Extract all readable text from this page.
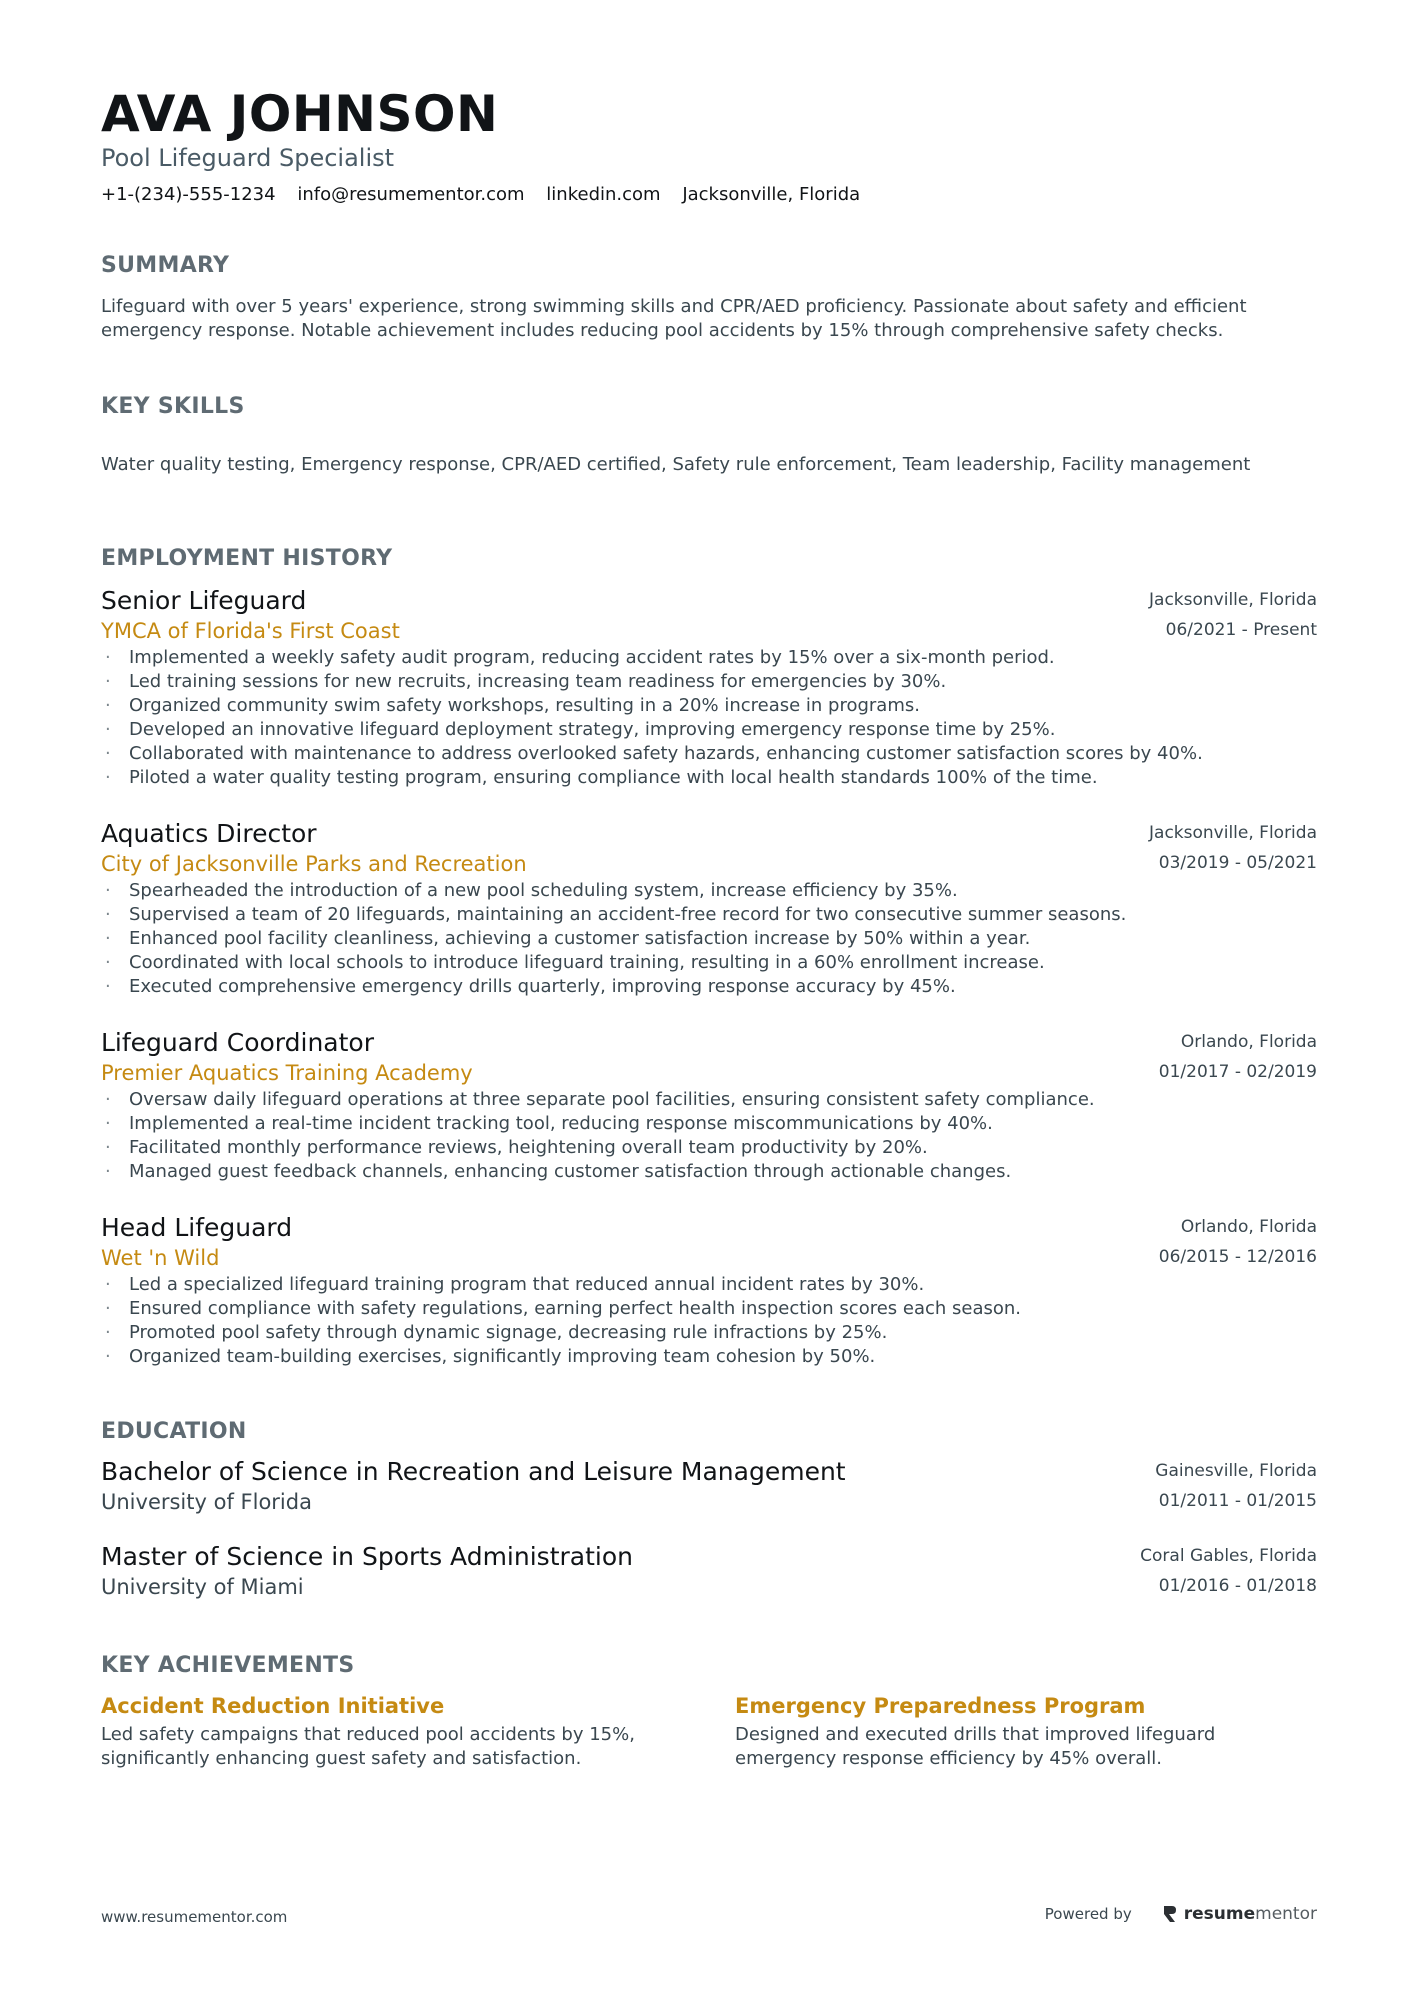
AVA JOHNSON
Pool Lifeguard Specialist
+1-(234)-555-1234 info@resumementor.com linkedin.com Jacksonville, Florida
SUMMARY
Lifeguard with over 5 years' experience, strong swimming skills and CPR/AED proficiency. Passionate about safety and efficient emergency response. Notable achievement includes reducing pool accidents by 15% through comprehensive safety checks.
KEY SKILLS
Water quality testing, Emergency response, CPR/AED certified, Safety rule enforcement, Team leadership, Facility management
EMPLOYMENT HISTORY
Senior Lifeguard
YMCA of Florida's First Coast
Jacksonville, Florida
06/2021 - Present
· Implemented a weekly safety audit program, reducing accident rates by 15% over a six-month period.
· Led training sessions for new recruits, increasing team readiness for emergencies by 30%.
· Organized community swim safety workshops, resulting in a 20% increase in programs.
· Developed an innovative lifeguard deployment strategy, improving emergency response time by 25%.
· Collaborated with maintenance to address overlooked safety hazards, enhancing customer satisfaction scores by 40%.
· Piloted a water quality testing program, ensuring compliance with local health standards 100% of the time.
Aquatics Director
City of Jacksonville Parks and Recreation
Jacksonville, Florida
03/2019 - 05/2021
· Spearheaded the introduction of a new pool scheduling system, increase efficiency by 35%.
· Supervised a team of 20 lifeguards, maintaining an accident-free record for two consecutive summer seasons.
· Enhanced pool facility cleanliness, achieving a customer satisfaction increase by 50% within a year.
· Coordinated with local schools to introduce lifeguard training, resulting in a 60% enrollment increase.
· Executed comprehensive emergency drills quarterly, improving response accuracy by 45%.
Lifeguard Coordinator
Premier Aquatics Training Academy
Orlando, Florida
01/2017 - 02/2019
· Oversaw daily lifeguard operations at three separate pool facilities, ensuring consistent safety compliance.
· Implemented a real-time incident tracking tool, reducing response miscommunications by 40%.
· Facilitated monthly performance reviews, heightening overall team productivity by 20%.
· Managed guest feedback channels, enhancing customer satisfaction through actionable changes.
Head Lifeguard
Wet 'n Wild
Orlando, Florida
06/2015 - 12/2016
· Led a specialized lifeguard training program that reduced annual incident rates by 30%.
· Ensured compliance with safety regulations, earning perfect health inspection scores each season.
· Promoted pool safety through dynamic signage, decreasing rule infractions by 25%.
· Organized team-building exercises, significantly improving team cohesion by 50%.
EDUCATION
Bachelor of Science in Recreation and Leisure Management
University of Florida
Gainesville, Florida
01/2011 - 01/2015
Master of Science in Sports Administration
University of Miami
Coral Gables, Florida
01/2016 - 01/2018
KEY ACHIEVEMENTS
Accident Reduction Initiative
Led safety campaigns that reduced pool accidents by 15%, significantly enhancing guest safety and satisfaction.
Emergency Preparedness Program
Designed and executed drills that improved lifeguard emergency response efficiency by 45% overall.
www.resumementor.com	Powered by	resume mentor
